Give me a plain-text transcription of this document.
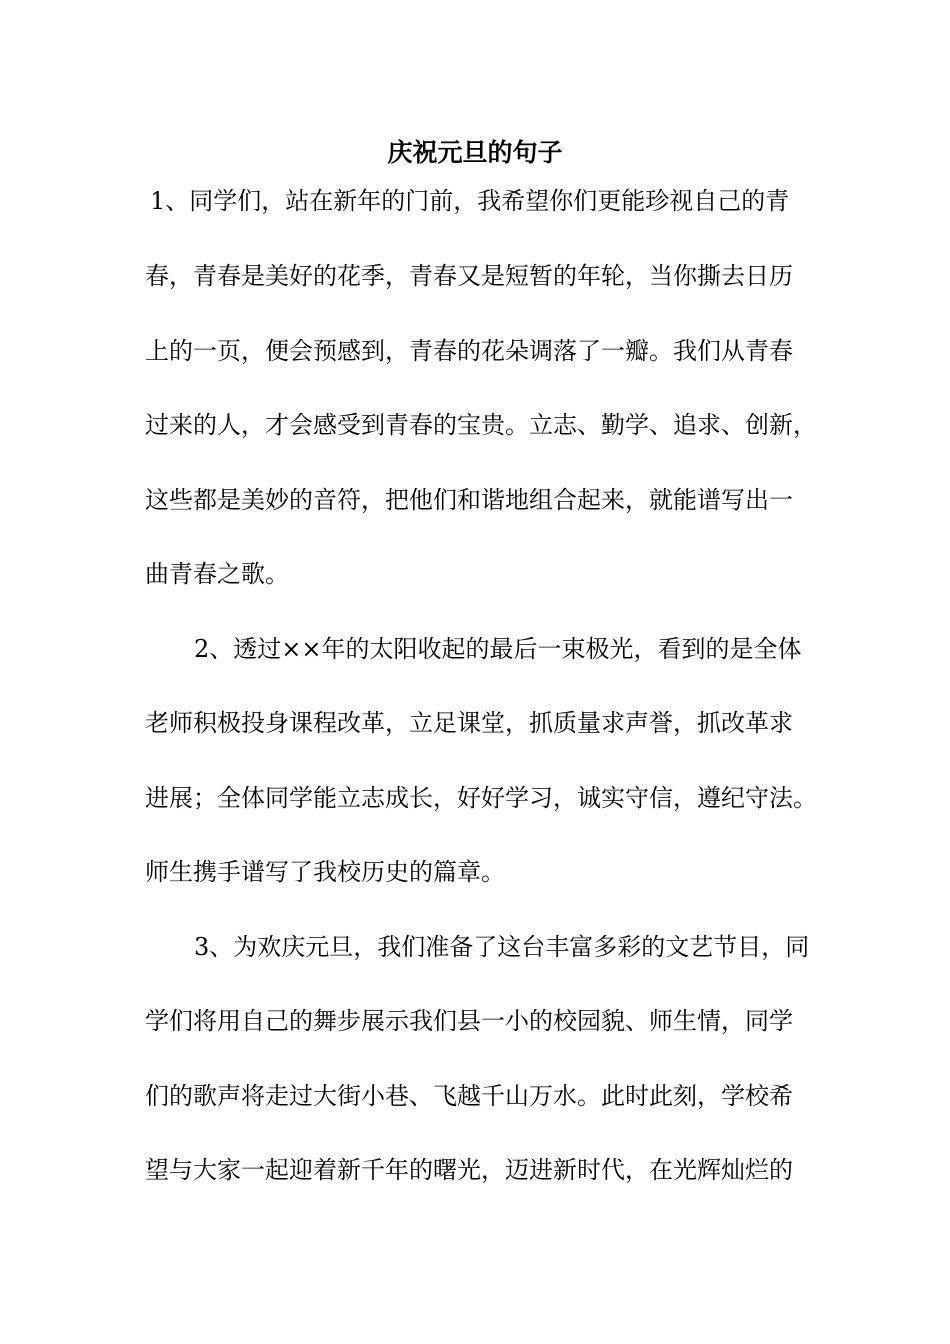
庆祝元旦的句子

1、同学们，站在新年的门前，我希望你们更能珍视自己的青

春，青春是美好的花季，青春又是短暂的年轮，当你撕去日历

上的一页，便会预感到，青春的花朵调落了一瓣。我们从青春

过来的人，才会感受到青春的宝贵。立志、勤学、追求、创新，

这些都是美妙的音符，把他们和谐地组合起来，就能谱写出一

曲青春之歌。

　2、透过××年的太阳收起的最后一束极光，看到的是全体

老师积极投身课程改革，立足课堂，抓质量求声誉，抓改革求

进展；全体同学能立志成长，好好学习，诚实守信，遵纪守法。

师生携手谱写了我校历史的篇章。

　3、为欢庆元旦，我们准备了这台丰富多彩的文艺节目，同

学们将用自己的舞步展示我们县一小的校园貌、师生情，同学

们的歌声将走过大街小巷、飞越千山万水。此时此刻，学校希

望与大家一起迎着新千年的曙光，迈进新时代，在光辉灿烂的
